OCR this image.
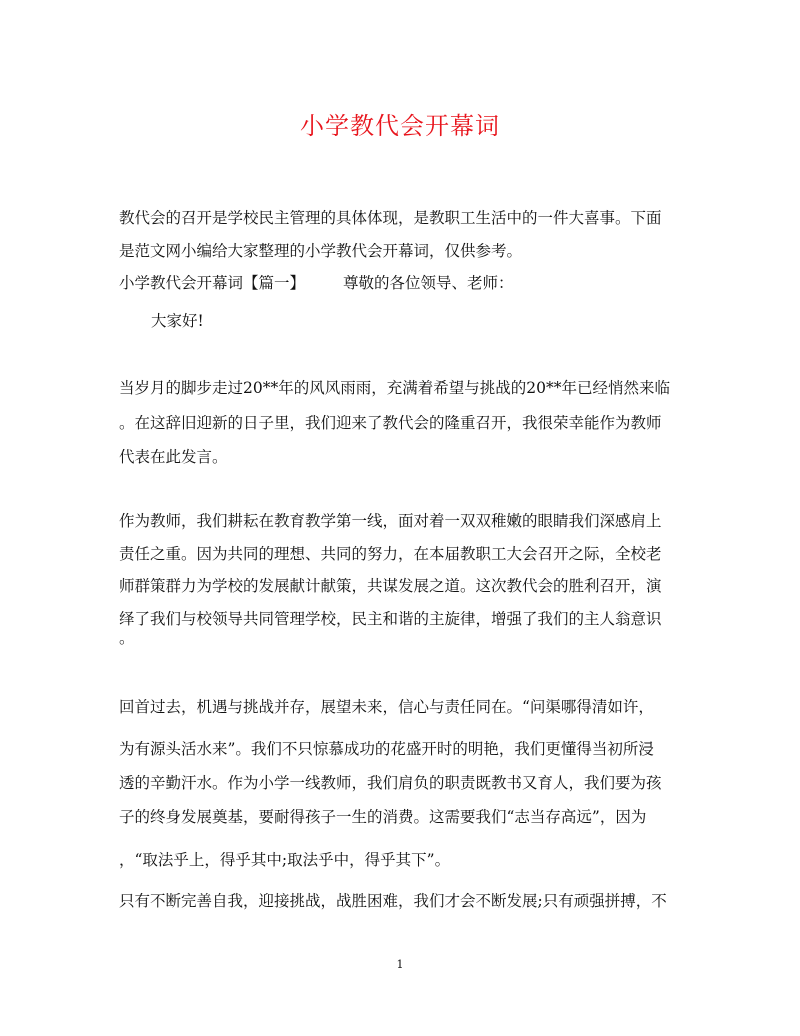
小学教代会开幕词
教代会的召开是学校民主管理的具体体现，是教职工生活中的一件大喜事。下面
是范文网小编给大家整理的小学教代会开幕词，仅供参考。
小学教代会开幕词【篇一】 尊敬的各位领导、老师：
大家好!
当岁月的脚步走过20**年的风风雨雨，充满着希望与挑战的20**年已经悄然来临
。在这辞旧迎新的日子里，我们迎来了教代会的隆重召开，我很荣幸能作为教师
代表在此发言。
作为教师，我们耕耘在教育教学第一线，面对着一双双稚嫩的眼睛我们深感肩上
责任之重。因为共同的理想、共同的努力，在本届教职工大会召开之际，全校老
师群策群力为学校的发展献计献策，共谋发展之道。这次教代会的胜利召开，演
绎了我们与校领导共同管理学校，民主和谐的主旋律，增强了我们的主人翁意识
。
回首过去，机遇与挑战并存，展望未来，信心与责任同在。“问渠哪得清如许，
为有源头活水来”。我们不只惊慕成功的花盛开时的明艳，我们更懂得当初所浸
透的辛勤汗水。作为小学一线教师，我们肩负的职责既教书又育人，我们要为孩
子的终身发展奠基，要耐得孩子一生的消费。这需要我们“志当存高远”，因为
，“取法乎上，得乎其中;取法乎中，得乎其下”。
只有不断完善自我，迎接挑战，战胜困难，我们才会不断发展;只有顽强拼搏，不
1
